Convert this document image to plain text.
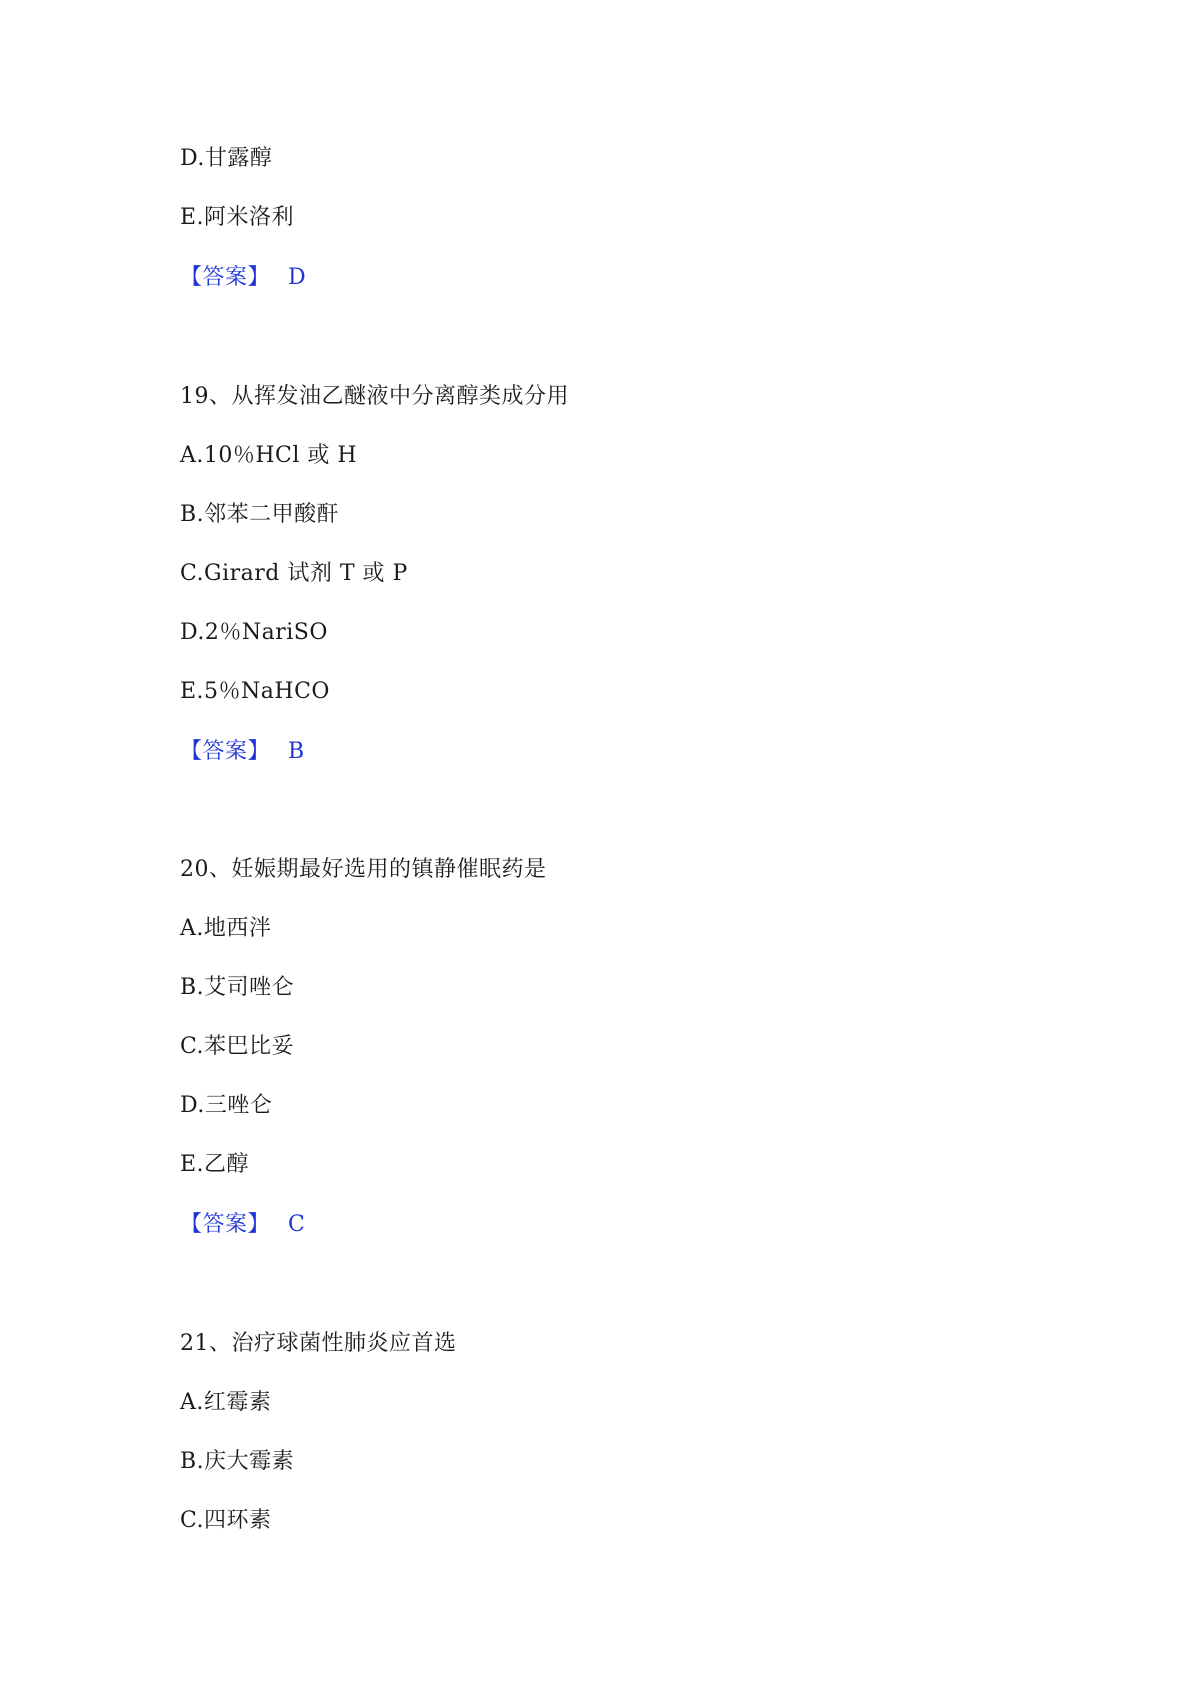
D.甘露醇
E.阿米洛利
【答案】 D
19、从挥发油乙醚液中分离醇类成分用
A.10％HCl 或 H
B.邻苯二甲酸酐
C.Girard 试剂 T 或 P
D.2％NariSO
E.5％NaHCO
【答案】 B
20、妊娠期最好选用的镇静催眠药是
A.地西泮
B.艾司唑仑
C.苯巴比妥
D.三唑仑
E.乙醇
【答案】 C
21、治疗球菌性肺炎应首选
A.红霉素
B.庆大霉素
C.四环素
